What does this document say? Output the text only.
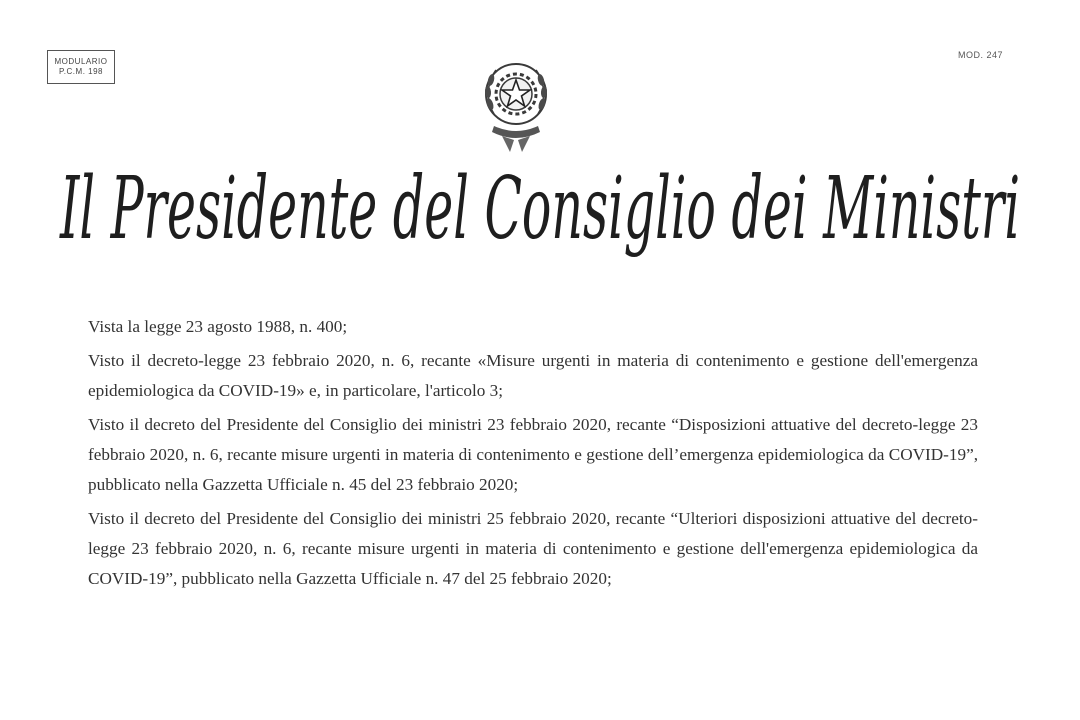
MODULARIO
P.C.M. 198
MOD. 247
Il Presidente del Consiglio dei Ministri

Vista la legge 23 agosto 1988, n. 400;

Visto il decreto-legge 23 febbraio 2020, n. 6, recante «Misure urgenti in materia di contenimento e gestione dell'emergenza epidemiologica da COVID-19» e, in particolare, l'articolo 3;

Visto il decreto del Presidente del Consiglio dei ministri 23 febbraio 2020, recante “Disposizioni attuative del decreto-legge 23 febbraio 2020, n. 6, recante misure urgenti in materia di contenimento e gestione dell’emergenza epidemiologica da COVID-19”, pubblicato nella Gazzetta Ufficiale n. 45 del 23 febbraio 2020;

Visto il decreto del Presidente del Consiglio dei ministri 25 febbraio 2020, recante “Ulteriori disposizioni attuative del decreto-legge 23 febbraio 2020, n. 6, recante misure urgenti in materia di contenimento e gestione dell'emergenza epidemiologica da COVID-19”, pubblicato nella Gazzetta Ufficiale n. 47 del 25 febbraio 2020;
